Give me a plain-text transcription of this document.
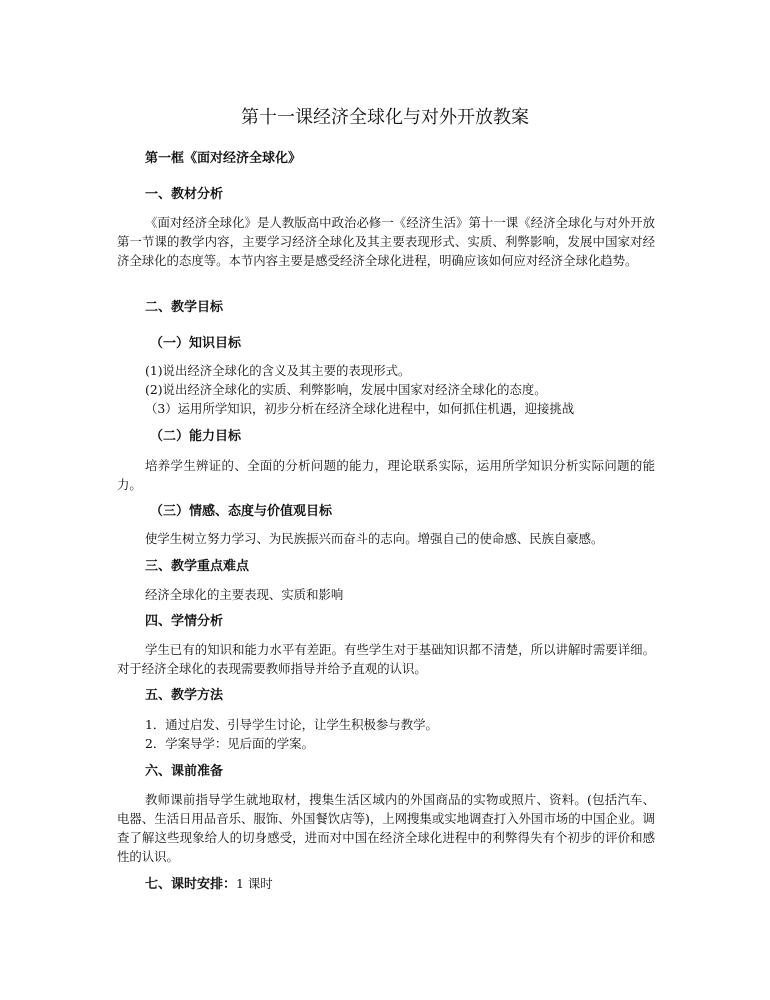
第十一课经济全球化与对外开放教案
第一框《面对经济全球化》
一、教材分析

《面对经济全球化》是人教版高中政治必修一《经济生活》第十一课《经济全球化与对外开放第一节课的教学内容，主要学习经济全球化及其主要表现形式、实质、利弊影响，发展中国家对经济全球化的态度等。本节内容主要是感受经济全球化进程，明确应该如何应对经济全球化趋势。

二、教学目标
（一）知识目标
(1)说出经济全球化的含义及其主要的表现形式。
(2)说出经济全球化的实质、利弊影响，发展中国家对经济全球化的态度。
（3）运用所学知识，初步分析在经济全球化进程中，如何抓住机遇，迎接挑战
（二）能力目标

培养学生辨证的、全面的分析问题的能力，理论联系实际，运用所学知识分析实际问题的能力。

（三）情感、态度与价值观目标

使学生树立努力学习、为民族振兴而奋斗的志向。增强自己的使命感、民族自豪感。

三、教学重点难点
经济全球化的主要表现、实质和影响
四、学情分析

学生已有的知识和能力水平有差距。有些学生对于基础知识都不清楚，所以讲解时需要详细。对于经济全球化的表现需要教师指导并给予直观的认识。

五、教学方法
1．通过启发、引导学生讨论，让学生积极参与教学。
2．学案导学：见后面的学案。
六、课前准备

教师课前指导学生就地取材，搜集生活区域内的外国商品的实物或照片、资料。(包括汽车、电器、生活日用品音乐、服饰、外国餐饮店等)，上网搜集或实地调查打入外国市场的中国企业。调查了解这些现象给人的切身感受，进而对中国在经济全球化进程中的利弊得失有个初步的评价和感性的认识。

七、课时安排：1 课时
